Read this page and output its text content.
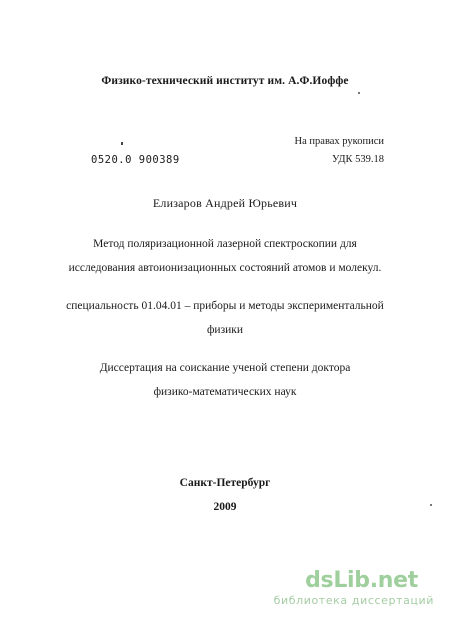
Физико-технический институт им. А.Ф.Иоффе
На правах рукописи
0520.0 900389	УДК 539.18
Елизаров Андрей Юрьевич
Метод поляризационной лазерной спектроскопии для
исследования автоионизационных состояний атомов и молекул.
специальность 01.04.01 – приборы и методы экспериментальной
физики
Диссертация на соискание ученой степени доктора
физико-математических наук
Санкт-Петербург
2009
dsLib.net
библиотека диссертаций
